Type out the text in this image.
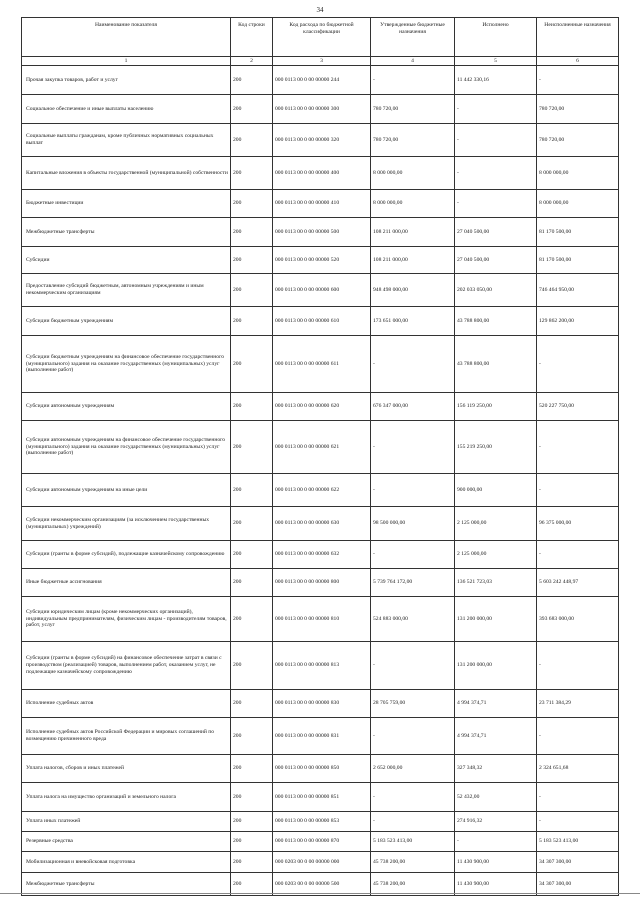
34
Наименование показателя	Код строки	Код расхода по бюджетной классификации	Утвержденные бюджетные назначения	Исполнено	Неисполненные назначения
1	2	3	4	5	6
Прочая закупка товаров, работ и услуг	200	000 0113 00 0 00 00000 244	-	11 442 330,16	-
Социальное обеспечение и иные выплаты населению	200	000 0113 00 0 00 00000 300	780 720,00	-	780 720,00
Социальные выплаты гражданам, кроме публичных нормативных социальных выплат	200	000 0113 00 0 00 00000 320	780 720,00	-	780 720,00
Капитальные вложения в объекты государственной (муниципальной) собственности	200	000 0113 00 0 00 00000 400	8 000 000,00	-	8 000 000,00
Бюджетные инвестиции	200	000 0113 00 0 00 00000 410	8 000 000,00	-	8 000 000,00
Межбюджетные трансферты	200	000 0113 00 0 00 00000 500	108 211 000,00	27 040 500,00	81 170 500,00
Субсидии	200	000 0113 00 0 00 00000 520	108 211 000,00	27 040 500,00	81 170 500,00
Предоставление субсидий бюджетным, автономным учреждениям и иным некоммерческим организациям	200	000 0113 00 0 00 00000 600	948 498 000,00	202 033 050,00	746 464 950,00
Субсидии бюджетным учреждениям	200	000 0113 00 0 00 00000 610	173 651 000,00	43 788 800,00	129 862 200,00
Субсидии бюджетным учреждениям на финансовое обеспечение государственного (муниципального) задания на оказание государственных (муниципальных) услуг (выполнение работ)	200	000 0113 00 0 00 00000 611	-	43 788 800,00	-
Субсидии автономным учреждениям	200	000 0113 00 0 00 00000 620	676 347 000,00	156 119 250,00	520 227 750,00
Субсидии автономным учреждениям на финансовое обеспечение государственного (муниципального) задания на оказание государственных (муниципальных) услуг (выполнение работ)	200	000 0113 00 0 00 00000 621	-	155 219 250,00	-
Субсидии автономным учреждениям на иные цели	200	000 0113 00 0 00 00000 622	-	900 000,00	-
Субсидии некоммерческим организациям (за исключением государственных (муниципальных) учреждений)	200	000 0113 00 0 00 00000 630	98 500 000,00	2 125 000,00	96 375 000,00
Субсидии (гранты в форме субсидий), подлежащие казначейскому сопровождению	200	000 0113 00 0 00 00000 632	-	2 125 000,00	-
Иные бюджетные ассигнования	200	000 0113 00 0 00 00000 800	5 739 764 172,00	136 521 723,03	5 603 242 448,97
Субсидии юридическим лицам (кроме некоммерческих организаций), индивидуальным предпринимателям, физическим лицам - производителям товаров, работ, услуг	200	000 0113 00 0 00 00000 810	524 883 000,00	131 200 000,00	393 683 000,00
Субсидии (гранты в форме субсидий) на финансовое обеспечение затрат в связи с производством (реализацией) товаров, выполнением работ, оказанием услуг, не подлежащие казначейскому сопровождению	200	000 0113 00 0 00 00000 813	-	131 200 000,00	-
Исполнение судебных актов	200	000 0113 00 0 00 00000 830	28 705 759,00	4 994 374,71	23 711 384,29
Исполнение судебных актов Российской Федерации и мировых соглашений по возмещению причиненного вреда	200	000 0113 00 0 00 00000 831	-	4 994 374,71	-
Уплата налогов, сборов и иных платежей	200	000 0113 00 0 00 00000 850	2 652 000,00	327 348,32	2 324 651,68
Уплата налога на имущество организаций и земельного налога	200	000 0113 00 0 00 00000 851	-	52 432,00	-
Уплата иных платежей	200	000 0113 00 0 00 00000 853	-	274 916,32	-
Резервные средства	200	000 0113 00 0 00 00000 870	5 183 523 413,00	-	5 183 523 413,00
Мобилизационная и вневойсковая подготовка	200	000 0203 00 0 00 00000 000	45 738 200,00	11 430 900,00	34 307 300,00
Межбюджетные трансферты	200	000 0203 00 0 00 00000 500	45 738 200,00	11 430 900,00	34 307 300,00
